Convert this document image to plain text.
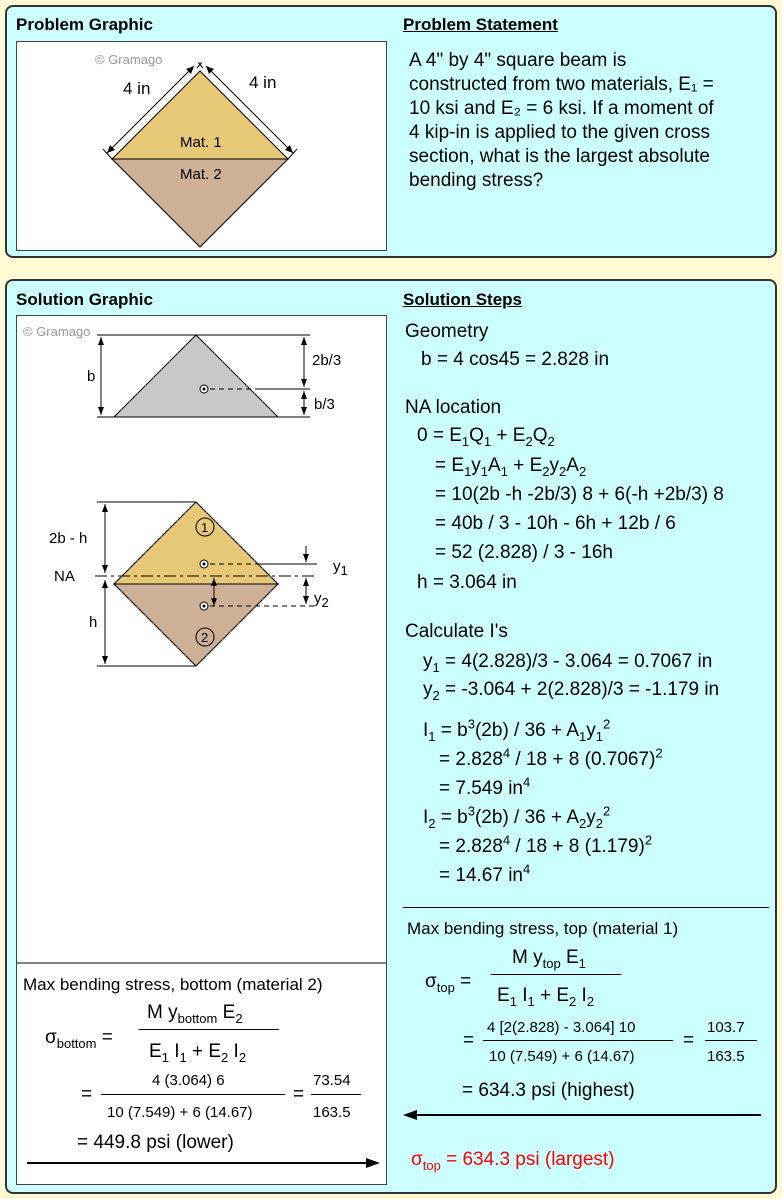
Problem Graphic	Problem Statement
© Gramago
4 in	4 in
Mat. 1
Mat. 2
A 4" by 4" square beam is
constructed from two materials, E₁ =
10 ksi and E₂ = 6 ksi. If a moment of
4 kip-in is applied to the given cross
section, what is the largest absolute
bending stress?
Solution Graphic	Solution Steps
© Gramago
b
2b/3
b/3
2b - h
NA
h
$y_1$
$y_2$
1
2
Max bending stress, bottom (material 2)
$\sigma_{bottom}$ =
M $y_{bottom}$ $E_2$
$E_1$ $I_1 + E_2$ $I_2$
=
4 (3.064) 6
10 (7.549) + 6 (14.67)
=
73.54
163.5
= 449.8 psi (lower)
Geometry
b = 4 cos45 = 2.828 in
NA location
$0 = E_1Q_1 + E_2Q_2$
= $E_1y_1A_1 + E_2y_2A_2$
= 10(2b -h -2b/3) 8 + 6(-h +2b/3) 8
= 40b / 3 - 10h - 6h + 12b / 6
= 52 (2.828) / 3 - 16h
h = 3.064 in
Calculate I's
$y_1 = 4(2.828)/3 - 3.064 = 0.7067$ in
$y_2 = -3.064 + 2(2.828)/3 = -1.179$ in
$I_1 = b^3(2b) / 36 + A_1y_1^2$
= $2.828^4 / 18 + 8$ $(0.7067)^2$
= 7.549 $in^4$
$I_2 = b^3(2b) / 36 + A_2y_2^2$
= $2.828^4 / 18 + 8$ $(1.179)^2$
= 14.67 $in^4$
Max bending stress, top (material 1)
$\sigma_{top}$ =
M $y_{top}$ $E_1$
$E_1$ $I_1 + E_2$ $I_2$
=
4 [2(2.828) - 3.064] 10
10 (7.549) + 6 (14.67)
=
103.7
163.5
= 634.3 psi (highest)
$\sigma_{top} = 634.3$ psi (largest)
